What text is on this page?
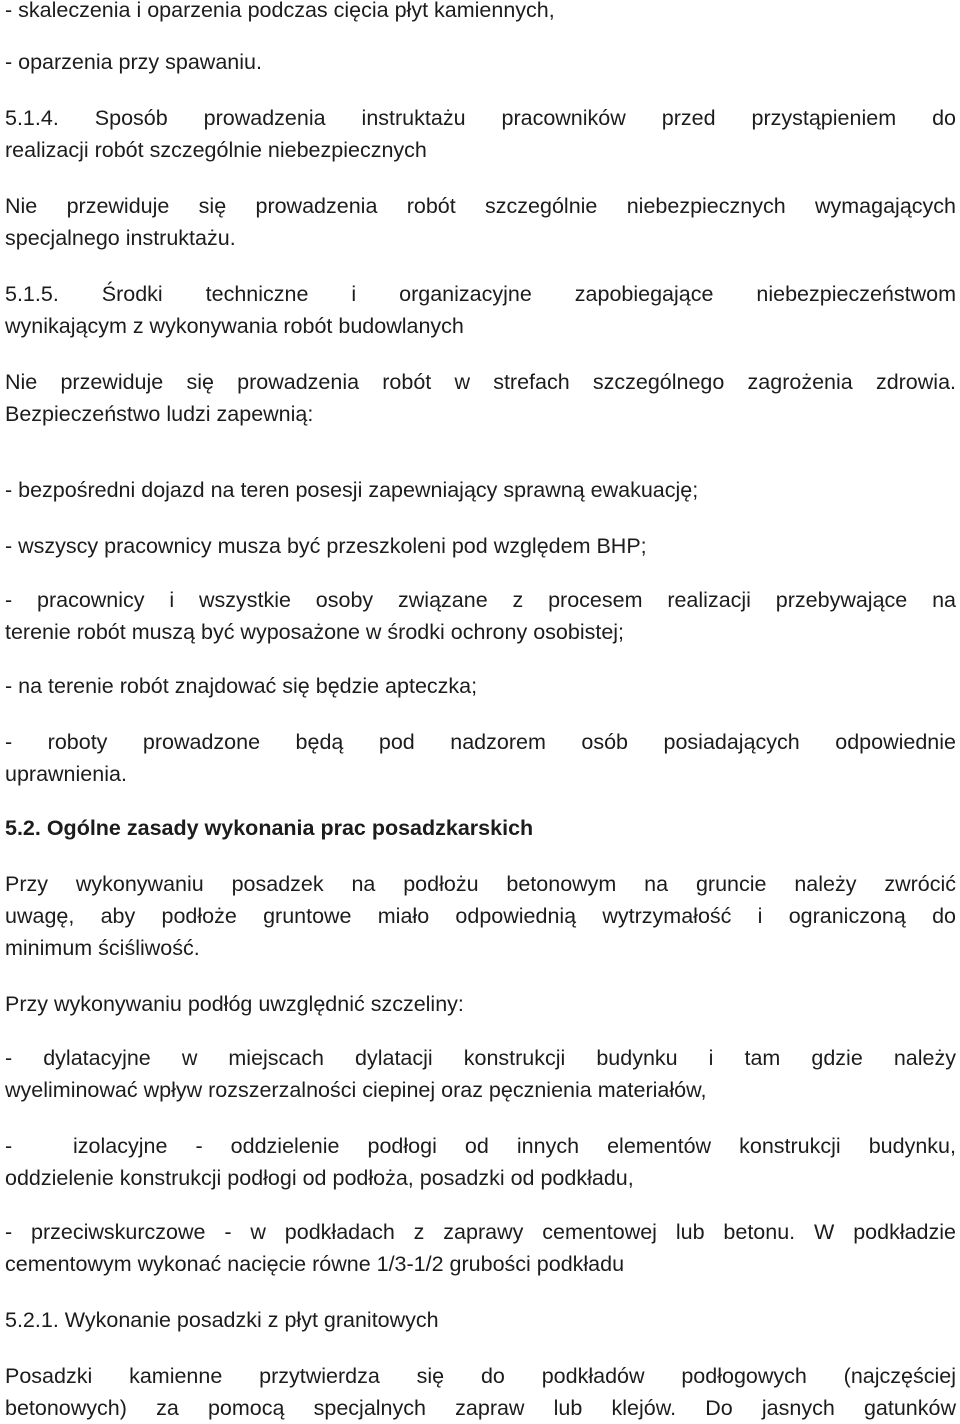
- skaleczenia i oparzenia podczas cięcia płyt kamiennych,
- oparzenia przy spawaniu.
5.1.4. Sposób prowadzenia instruktażu pracowników przed przystąpieniem do
realizacji robót szczególnie niebezpiecznych
Nie przewiduje się prowadzenia robót szczególnie niebezpiecznych wymagających
specjalnego instruktażu.
5.1.5. Środki techniczne i organizacyjne zapobiegające niebezpieczeństwom
wynikającym z wykonywania robót budowlanych
Nie przewiduje się prowadzenia robót w strefach szczególnego zagrożenia zdrowia.
Bezpieczeństwo ludzi zapewnią:
- bezpośredni dojazd na teren posesji zapewniający sprawną ewakuację;
- wszyscy pracownicy musza być przeszkoleni pod względem BHP;
- pracownicy i wszystkie osoby związane z procesem realizacji przebywające na
terenie robót muszą być wyposażone w środki ochrony osobistej;
- na terenie robót znajdować się będzie apteczka;
- roboty prowadzone będą pod nadzorem osób posiadających odpowiednie
uprawnienia.
5.2. Ogólne zasady wykonania prac posadzkarskich
Przy wykonywaniu posadzek na podłożu betonowym na gruncie należy zwrócić
uwagę, aby podłoże gruntowe miało odpowiednią wytrzymałość i ograniczoną do
minimum ściśliwość.
Przy wykonywaniu podłóg uwzględnić szczeliny:
- dylatacyjne w miejscach dylatacji konstrukcji budynku i tam gdzie należy
wyeliminować wpływ rozszerzalności ciepinej oraz pęcznienia materiałów,
-	izolacyjne - oddzielenie podłogi od innych elementów konstrukcji budynku,
oddzielenie konstrukcji podłogi od podłoża, posadzki od podkładu,
- przeciwskurczowe - w podkładach z zaprawy cementowej lub betonu. W podkładzie
cementowym wykonać nacięcie równe 1/3-1/2 grubości podkładu
5.2.1. Wykonanie posadzki z płyt granitowych
Posadzki kamienne przytwierdza się do podkładów podłogowych (najczęściej
betonowych) za pomocą specjalnych zapraw lub klejów. Do jasnych gatunków
